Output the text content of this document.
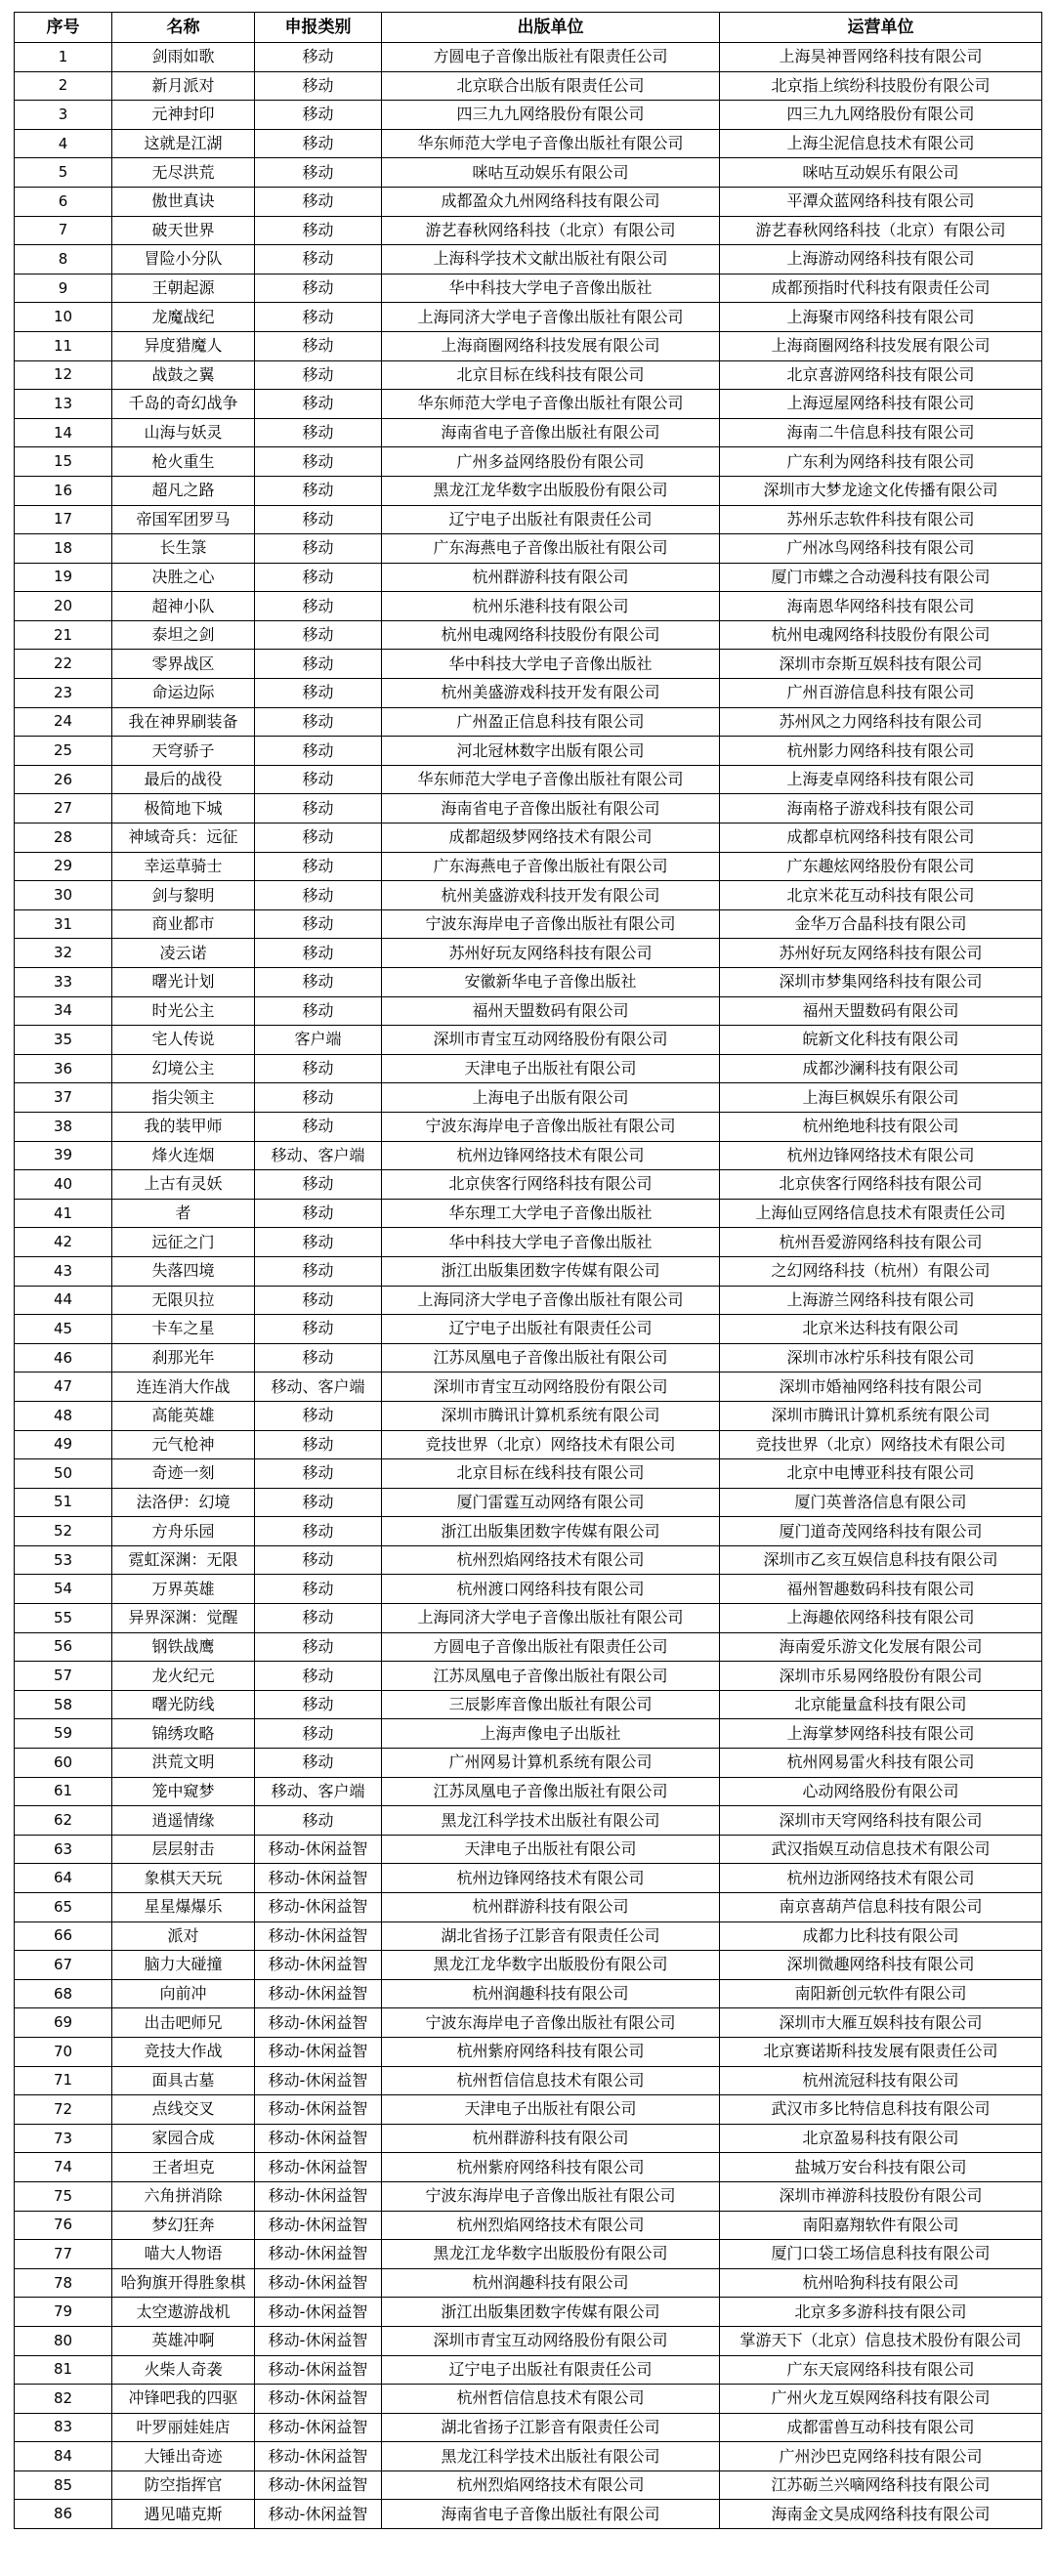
序号	名称	申报类别	出版单位	运营单位
1	剑雨如歌	移动	方圆电子音像出版社有限责任公司	上海昊神晋网络科技有限公司
2	新月派对	移动	北京联合出版有限责任公司	北京指上缤纷科技股份有限公司
3	元神封印	移动	四三九九网络股份有限公司	四三九九网络股份有限公司
4	这就是江湖	移动	华东师范大学电子音像出版社有限公司	上海尘泥信息技术有限公司
5	无尽洪荒	移动	咪咕互动娱乐有限公司	咪咕互动娱乐有限公司
6	傲世真诀	移动	成都盈众九州网络科技有限公司	平潭众蓝网络科技有限公司
7	破天世界	移动	游艺春秋网络科技（北京）有限公司	游艺春秋网络科技（北京）有限公司
8	冒险小分队	移动	上海科学技术文献出版社有限公司	上海游动网络科技有限公司
9	王朝起源	移动	华中科技大学电子音像出版社	成都预指时代科技有限责任公司
10	龙魔战纪	移动	上海同济大学电子音像出版社有限公司	上海聚市网络科技有限公司
11	异度猎魔人	移动	上海商圈网络科技发展有限公司	上海商圈网络科技发展有限公司
12	战鼓之翼	移动	北京目标在线科技有限公司	北京喜游网络科技有限公司
13	千岛的奇幻战争	移动	华东师范大学电子音像出版社有限公司	上海逗屋网络科技有限公司
14	山海与妖灵	移动	海南省电子音像出版社有限公司	海南二牛信息科技有限公司
15	枪火重生	移动	广州多益网络股份有限公司	广东利为网络科技有限公司
16	超凡之路	移动	黑龙江龙华数字出版股份有限公司	深圳市大梦龙途文化传播有限公司
17	帝国军团罗马	移动	辽宁电子出版社有限责任公司	苏州乐志软件科技有限公司
18	长生箓	移动	广东海燕电子音像出版社有限公司	广州冰鸟网络科技有限公司
19	决胜之心	移动	杭州群游科技有限公司	厦门市蝶之合动漫科技有限公司
20	超神小队	移动	杭州乐港科技有限公司	海南恩华网络科技有限公司
21	泰坦之剑	移动	杭州电魂网络科技股份有限公司	杭州电魂网络科技股份有限公司
22	零界战区	移动	华中科技大学电子音像出版社	深圳市奈斯互娱科技有限公司
23	命运边际	移动	杭州美盛游戏科技开发有限公司	广州百游信息科技有限公司
24	我在神界刷装备	移动	广州盈正信息科技有限公司	苏州风之力网络科技有限公司
25	天穹骄子	移动	河北冠林数字出版有限公司	杭州影力网络科技有限公司
26	最后的战役	移动	华东师范大学电子音像出版社有限公司	上海麦卓网络科技有限公司
27	极简地下城	移动	海南省电子音像出版社有限公司	海南格子游戏科技有限公司
28	神域奇兵：远征	移动	成都超级梦网络技术有限公司	成都卓杭网络科技有限公司
29	幸运草骑士	移动	广东海燕电子音像出版社有限公司	广东趣炫网络股份有限公司
30	剑与黎明	移动	杭州美盛游戏科技开发有限公司	北京米花互动科技有限公司
31	商业都市	移动	宁波东海岸电子音像出版社有限公司	金华万合晶科技有限公司
32	凌云诺	移动	苏州好玩友网络科技有限公司	苏州好玩友网络科技有限公司
33	曙光计划	移动	安徽新华电子音像出版社	深圳市梦集网络科技有限公司
34	时光公主	移动	福州天盟数码有限公司	福州天盟数码有限公司
35	宅人传说	客户端	深圳市青宝互动网络股份有限公司	皖新文化科技有限公司
36	幻境公主	移动	天津电子出版社有限公司	成都沙澜科技有限公司
37	指尖领主	移动	上海电子出版有限公司	上海巨枫娱乐有限公司
38	我的装甲师	移动	宁波东海岸电子音像出版社有限公司	杭州绝地科技有限公司
39	烽火连烟	移动、客户端	杭州边锋网络技术有限公司	杭州边锋网络技术有限公司
40	上古有灵妖	移动	北京侠客行网络科技有限公司	北京侠客行网络科技有限公司
41	者	移动	华东理工大学电子音像出版社	上海仙豆网络信息技术有限责任公司
42	远征之门	移动	华中科技大学电子音像出版社	杭州吾爱游网络科技有限公司
43	失落四境	移动	浙江出版集团数字传媒有限公司	之幻网络科技（杭州）有限公司
44	无限贝拉	移动	上海同济大学电子音像出版社有限公司	上海游兰网络科技有限公司
45	卡车之星	移动	辽宁电子出版社有限责任公司	北京米达科技有限公司
46	刹那光年	移动	江苏凤凰电子音像出版社有限公司	深圳市冰柠乐科技有限公司
47	连连消大作战	移动、客户端	深圳市青宝互动网络股份有限公司	深圳市婚袖网络科技有限公司
48	高能英雄	移动	深圳市腾讯计算机系统有限公司	深圳市腾讯计算机系统有限公司
49	元气枪神	移动	竞技世界（北京）网络技术有限公司	竞技世界（北京）网络技术有限公司
50	奇迹一刻	移动	北京目标在线科技有限公司	北京中电博亚科技有限公司
51	法洛伊：幻境	移动	厦门雷霆互动网络有限公司	厦门英普洛信息有限公司
52	方舟乐园	移动	浙江出版集团数字传媒有限公司	厦门道奇茂网络科技有限公司
53	霓虹深渊：无限	移动	杭州烈焰网络技术有限公司	深圳市乙亥互娱信息科技有限公司
54	万界英雄	移动	杭州渡口网络科技有限公司	福州智趣数码科技有限公司
55	异界深渊：觉醒	移动	上海同济大学电子音像出版社有限公司	上海趣依网络科技有限公司
56	钢铁战鹰	移动	方圆电子音像出版社有限责任公司	海南爱乐游文化发展有限公司
57	龙火纪元	移动	江苏凤凰电子音像出版社有限公司	深圳市乐易网络股份有限公司
58	曙光防线	移动	三辰影库音像出版社有限公司	北京能量盒科技有限公司
59	锦绣攻略	移动	上海声像电子出版社	上海掌梦网络科技有限公司
60	洪荒文明	移动	广州网易计算机系统有限公司	杭州网易雷火科技有限公司
61	笼中窥梦	移动、客户端	江苏凤凰电子音像出版社有限公司	心动网络股份有限公司
62	逍遥情缘	移动	黑龙江科学技术出版社有限公司	深圳市天穹网络科技有限公司
63	层层射击	移动-休闲益智	天津电子出版社有限公司	武汉指娱互动信息技术有限公司
64	象棋天天玩	移动-休闲益智	杭州边锋网络技术有限公司	杭州边浙网络技术有限公司
65	星星爆爆乐	移动-休闲益智	杭州群游科技有限公司	南京喜葫芦信息科技有限公司
66	派对	移动-休闲益智	湖北省扬子江影音有限责任公司	成都力比科技有限公司
67	脑力大碰撞	移动-休闲益智	黑龙江龙华数字出版股份有限公司	深圳微趣网络科技有限公司
68	向前冲	移动-休闲益智	杭州润趣科技有限公司	南阳新创元软件有限公司
69	出击吧师兄	移动-休闲益智	宁波东海岸电子音像出版社有限公司	深圳市大雁互娱科技有限公司
70	竞技大作战	移动-休闲益智	杭州紫府网络科技有限公司	北京赛诺斯科技发展有限责任公司
71	面具古墓	移动-休闲益智	杭州哲信信息技术有限公司	杭州流冠科技有限公司
72	点线交叉	移动-休闲益智	天津电子出版社有限公司	武汉市多比特信息科技有限公司
73	家园合成	移动-休闲益智	杭州群游科技有限公司	北京盈易科技有限公司
74	王者坦克	移动-休闲益智	杭州紫府网络科技有限公司	盐城万安台科技有限公司
75	六角拼消除	移动-休闲益智	宁波东海岸电子音像出版社有限公司	深圳市禅游科技股份有限公司
76	梦幻狂奔	移动-休闲益智	杭州烈焰网络技术有限公司	南阳嘉翔软件有限公司
77	喵大人物语	移动-休闲益智	黑龙江龙华数字出版股份有限公司	厦门口袋工场信息科技有限公司
78	哈狗旗开得胜象棋	移动-休闲益智	杭州润趣科技有限公司	杭州哈狗科技有限公司
79	太空遨游战机	移动-休闲益智	浙江出版集团数字传媒有限公司	北京多多游科技有限公司
80	英雄冲啊	移动-休闲益智	深圳市青宝互动网络股份有限公司	掌游天下（北京）信息技术股份有限公司
81	火柴人奇袭	移动-休闲益智	辽宁电子出版社有限责任公司	广东天宸网络科技有限公司
82	冲锋吧我的四驱	移动-休闲益智	杭州哲信信息技术有限公司	广州火龙互娱网络科技有限公司
83	叶罗丽娃娃店	移动-休闲益智	湖北省扬子江影音有限责任公司	成都雷兽互动科技有限公司
84	大锤出奇迹	移动-休闲益智	黑龙江科学技术出版社有限公司	广州沙巴克网络科技有限公司
85	防空指挥官	移动-休闲益智	杭州烈焰网络技术有限公司	江苏砺兰兴嘀网络科技有限公司
86	遇见喵克斯	移动-休闲益智	海南省电子音像出版社有限公司	海南金文昊成网络科技有限公司
